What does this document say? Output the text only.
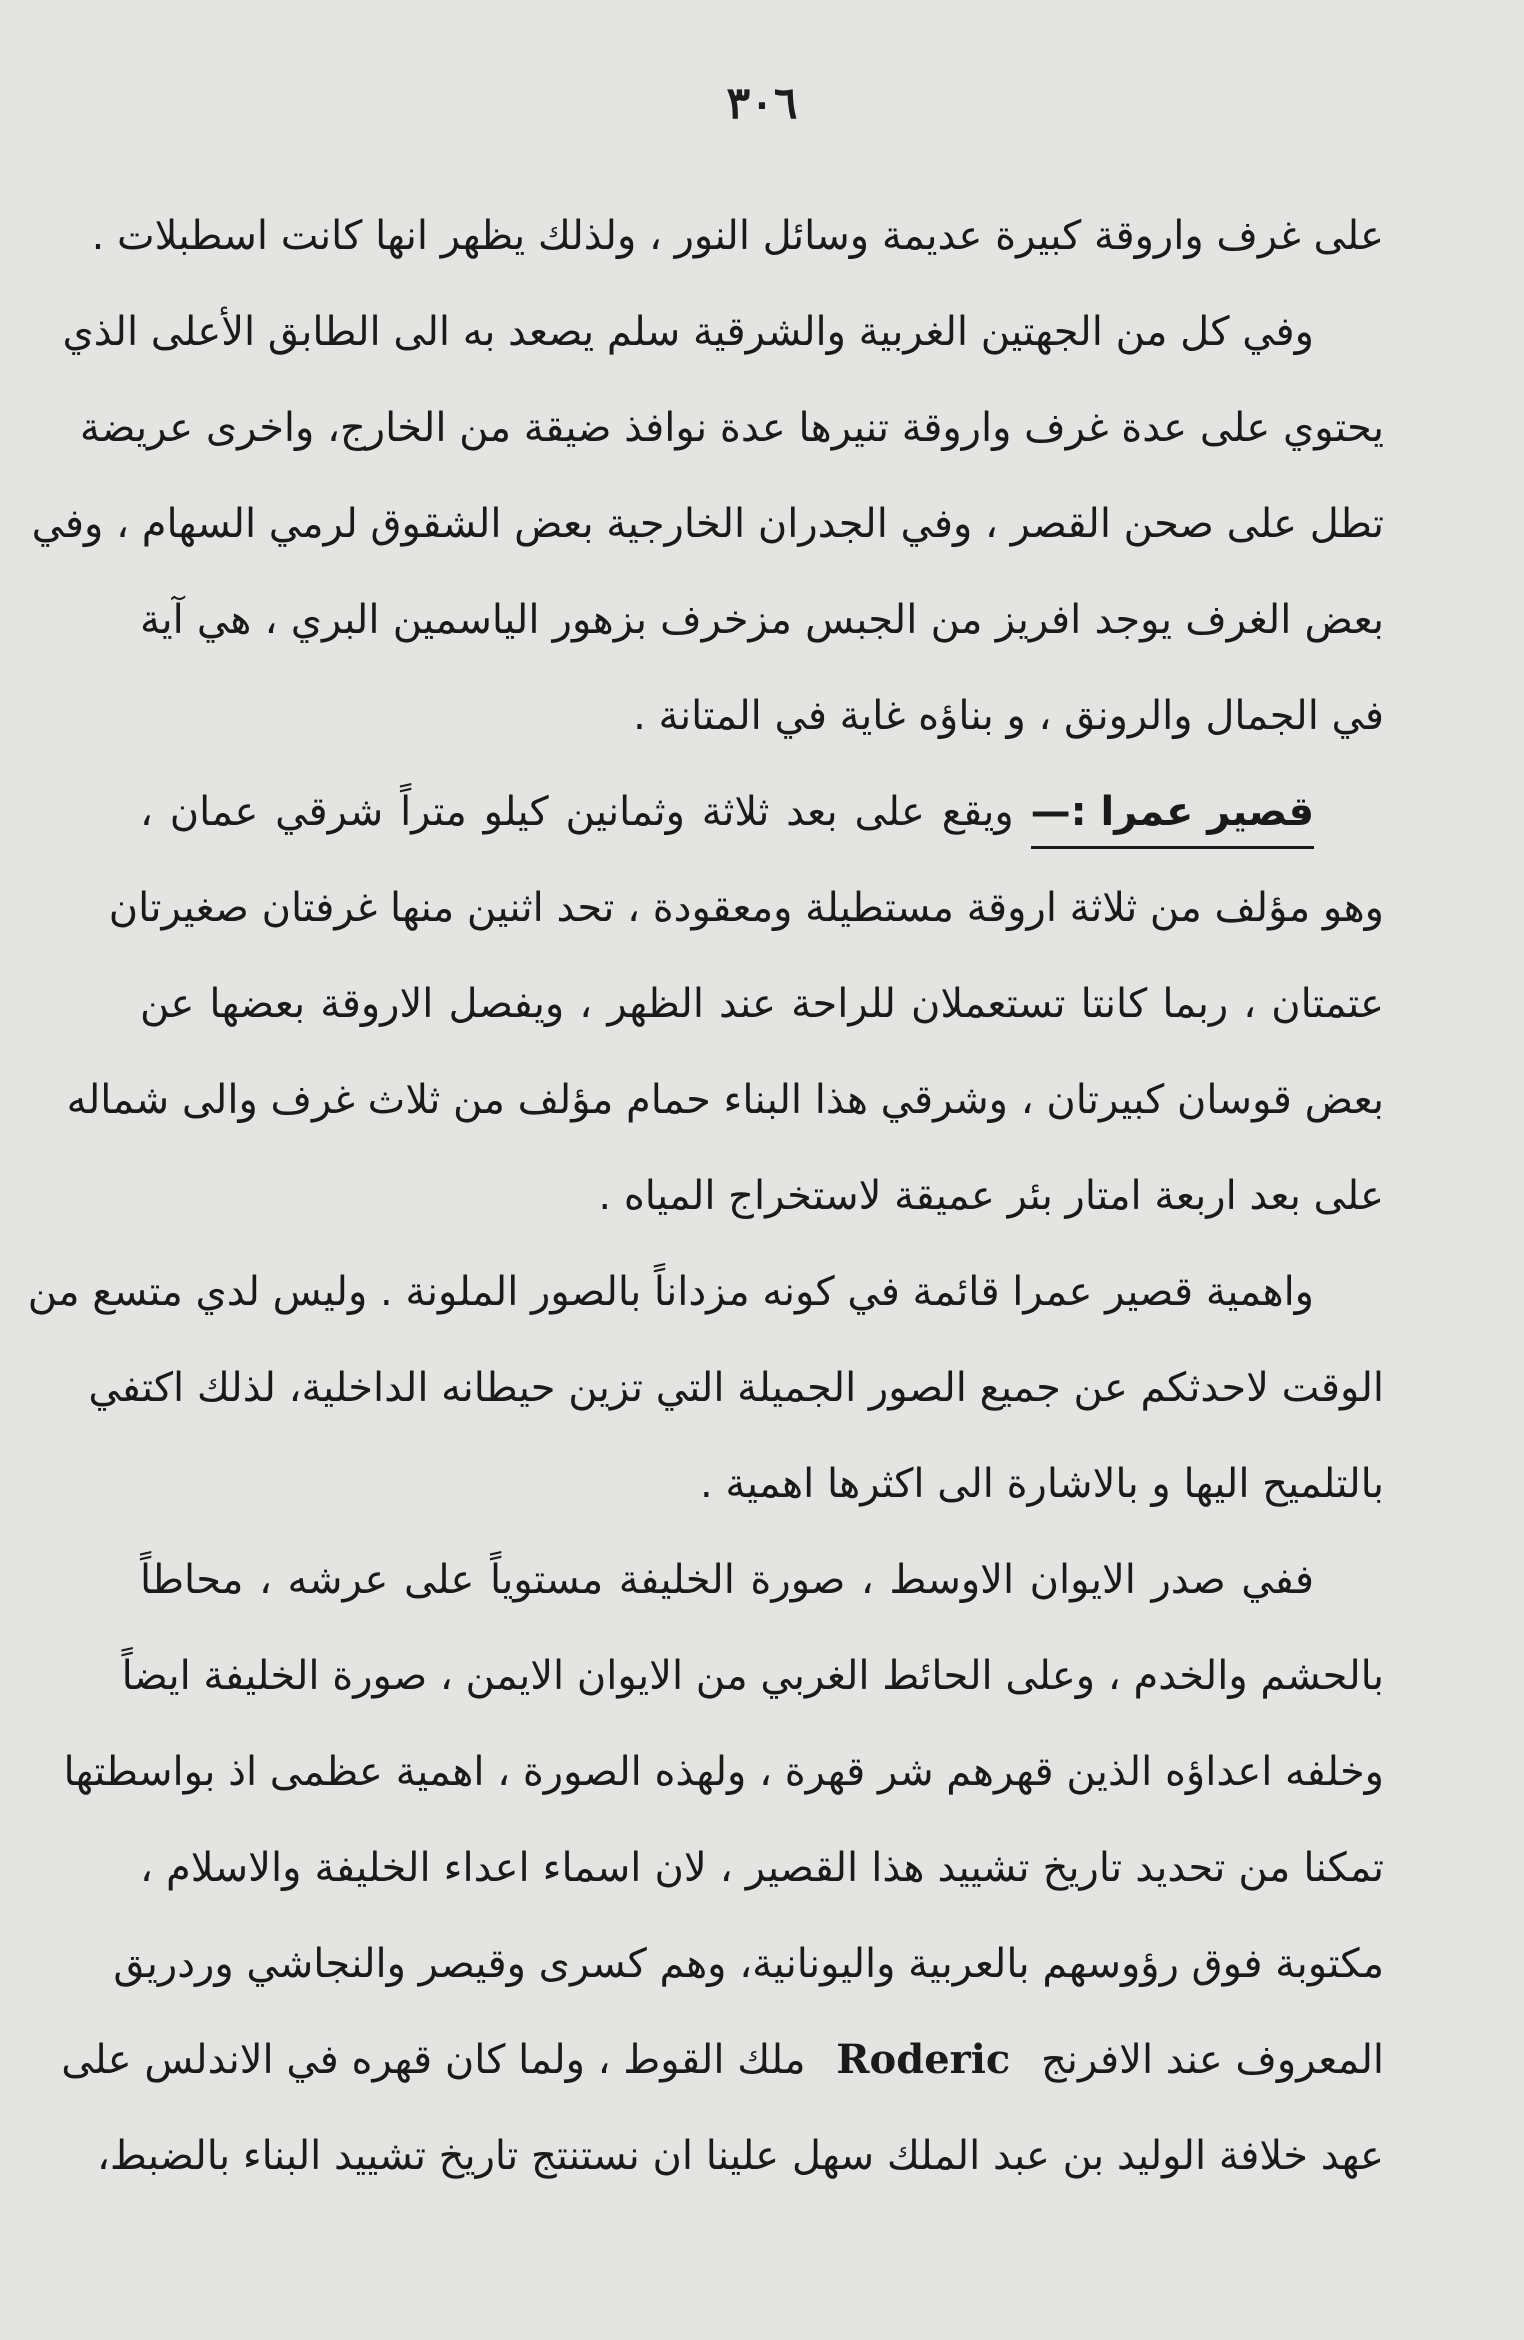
٣٠٦
على غرف واروقة كبيرة عديمة وسائل النور ، ولذلك يظهر انها كانت اسطبلات .
وفي كل من الجهتين الغربية والشرقية سلم يصعد به الى الطابق الأعلى الذي
يحتوي على عدة غرف واروقة تنيرها عدة نوافذ ضيقة من الخارج، واخرى عريضة
تطل على صحن القصر ، وفي الجدران الخارجية بعض الشقوق لرمي السهام ، وفي
بعض الغرف يوجد افريز من الجبس مزخرف بزهور الياسمين البري ، هي آية
في الجمال والرونق ، و بناؤه غاية في المتانة .
قصير عمرا :— ويقع على بعد ثلاثة وثمانين كيلو متراً شرقي عمان ،
وهو مؤلف من ثلاثة اروقة مستطيلة ومعقودة ، تحد اثنين منها غرفتان صغيرتان
عتمتان ، ربما كانتا تستعملان للراحة عند الظهر ، ويفصل الاروقة بعضها عن
بعض قوسان كبيرتان ، وشرقي هذا البناء حمام مؤلف من ثلاث غرف والى شماله
على بعد اربعة امتار بئر عميقة لاستخراج المياه .
واهمية قصير عمرا قائمة في كونه مزداناً بالصور الملونة . وليس لدي متسع من
الوقت لاحدثكم عن جميع الصور الجميلة التي تزين حيطانه الداخلية، لذلك اكتفي
بالتلميح اليها و بالاشارة الى اكثرها اهمية .
ففي صدر الايوان الاوسط ، صورة الخليفة مستوياً على عرشه ، محاطاً
بالحشم والخدم ، وعلى الحائط الغربي من الايوان الايمن ، صورة الخليفة ايضاً
وخلفه اعداؤه الذين قهرهم شر قهرة ، ولهذه الصورة ، اهمية عظمى اذ بواسطتها
تمكنا من تحديد تاريخ تشييد هذا القصير ، لان اسماء اعداء الخليفة والاسلام ،
مكتوبة فوق رؤوسهم بالعربية واليونانية، وهم كسرى وقيصر والنجاشي وردريق
المعروف عند الافرنج Roderic ملك القوط ، ولما كان قهره في الاندلس على
عهد خلافة الوليد بن عبد الملك سهل علينا ان نستنتج تاريخ تشييد البناء بالضبط،
